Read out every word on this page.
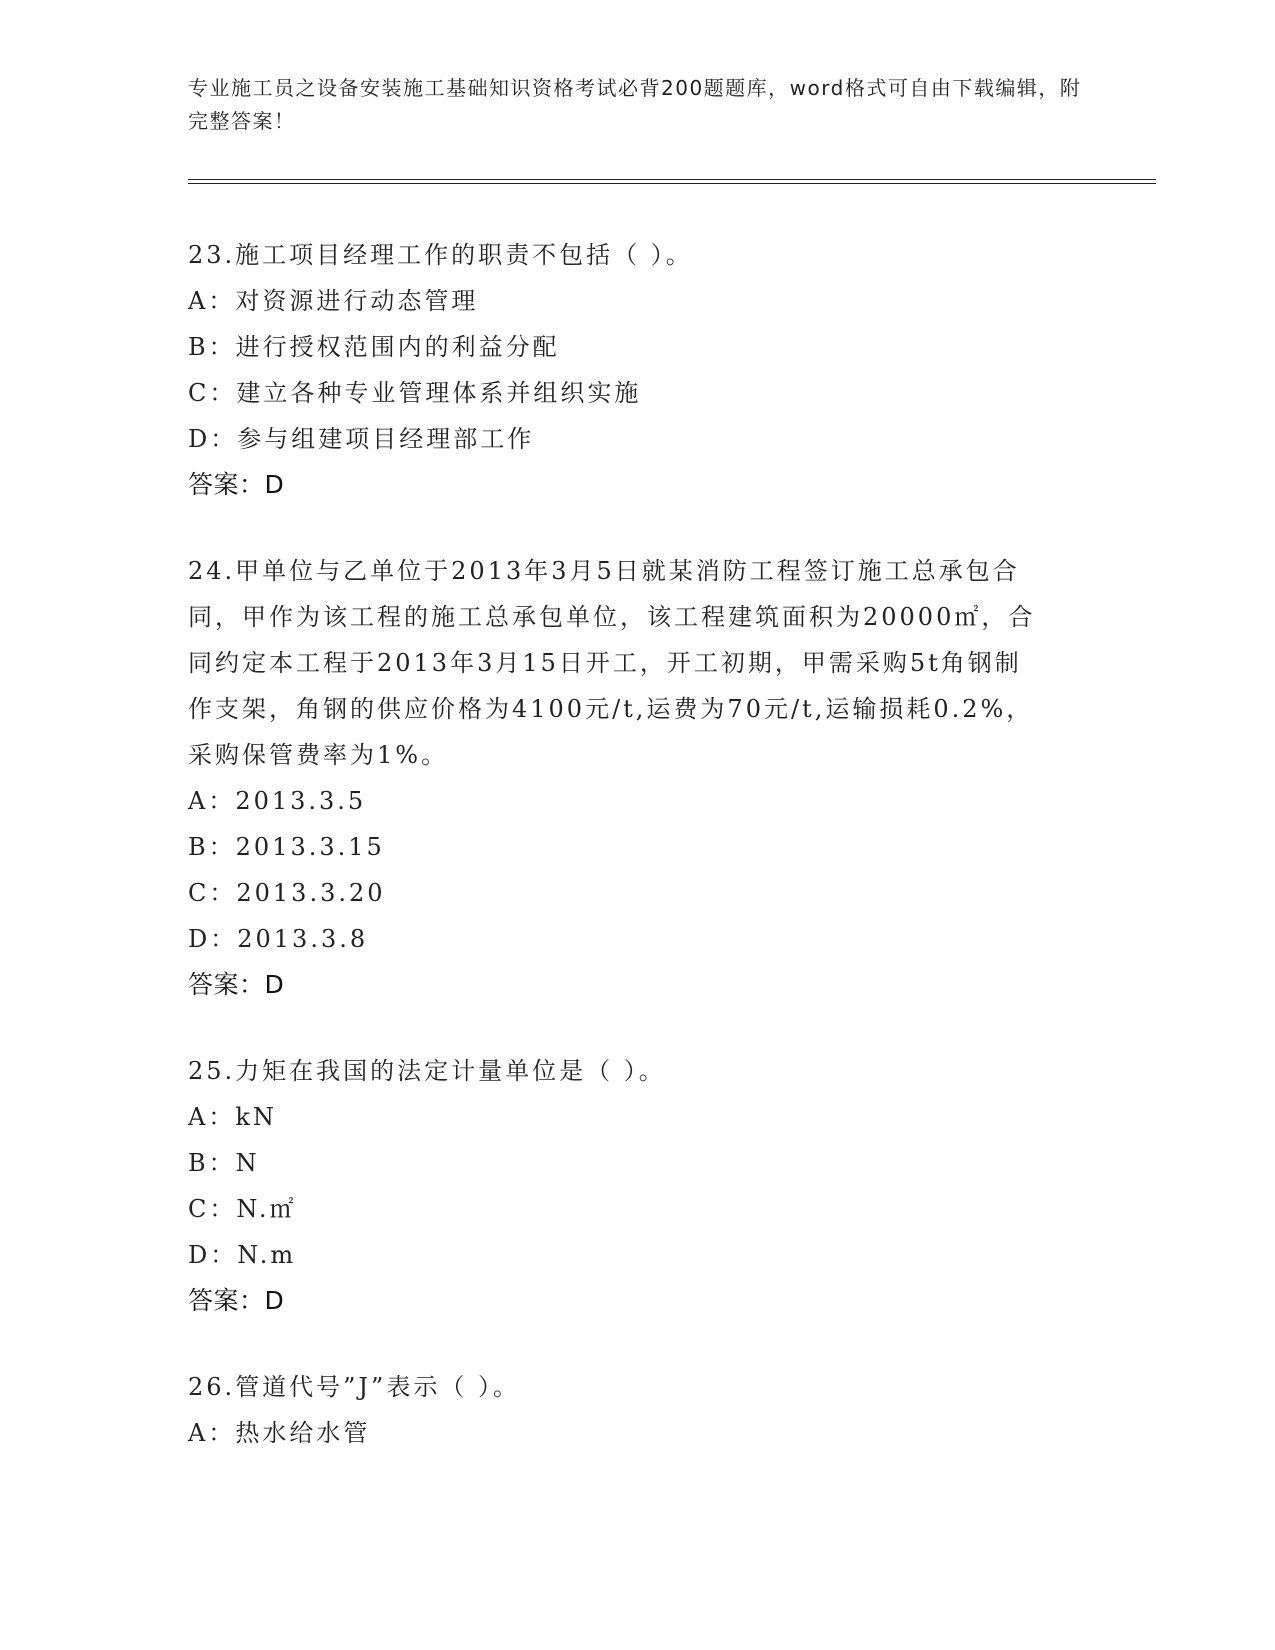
专业施工员之设备安装施工基础知识资格考试必背200题题库，word格式可自由下载编辑，附完整答案！
23.施工项目经理工作的职责不包括（ ）。
A：对资源进行动态管理
B：进行授权范围内的利益分配
C：建立各种专业管理体系并组织实施
D：参与组建项目经理部工作
答案：D
24.甲单位与乙单位于2013年3月5日就某消防工程签订施工总承包合同，甲作为该工程的施工总承包单位，该工程建筑面积为20000㎡，合同约定本工程于2013年3月15日开工，开工初期，甲需采购5t角钢制作支架，角钢的供应价格为4100元/t,运费为70元/t,运输损耗0.2%，采购保管费率为1%。
A：2013.3.5
B：2013.3.15
C：2013.3.20
D：2013.3.8
答案：D
25.力矩在我国的法定计量单位是（ ）。
A：kN
B：N
C：N.㎡
D：N.m
答案：D
26.管道代号”J”表示（ ）。
A：热水给水管
